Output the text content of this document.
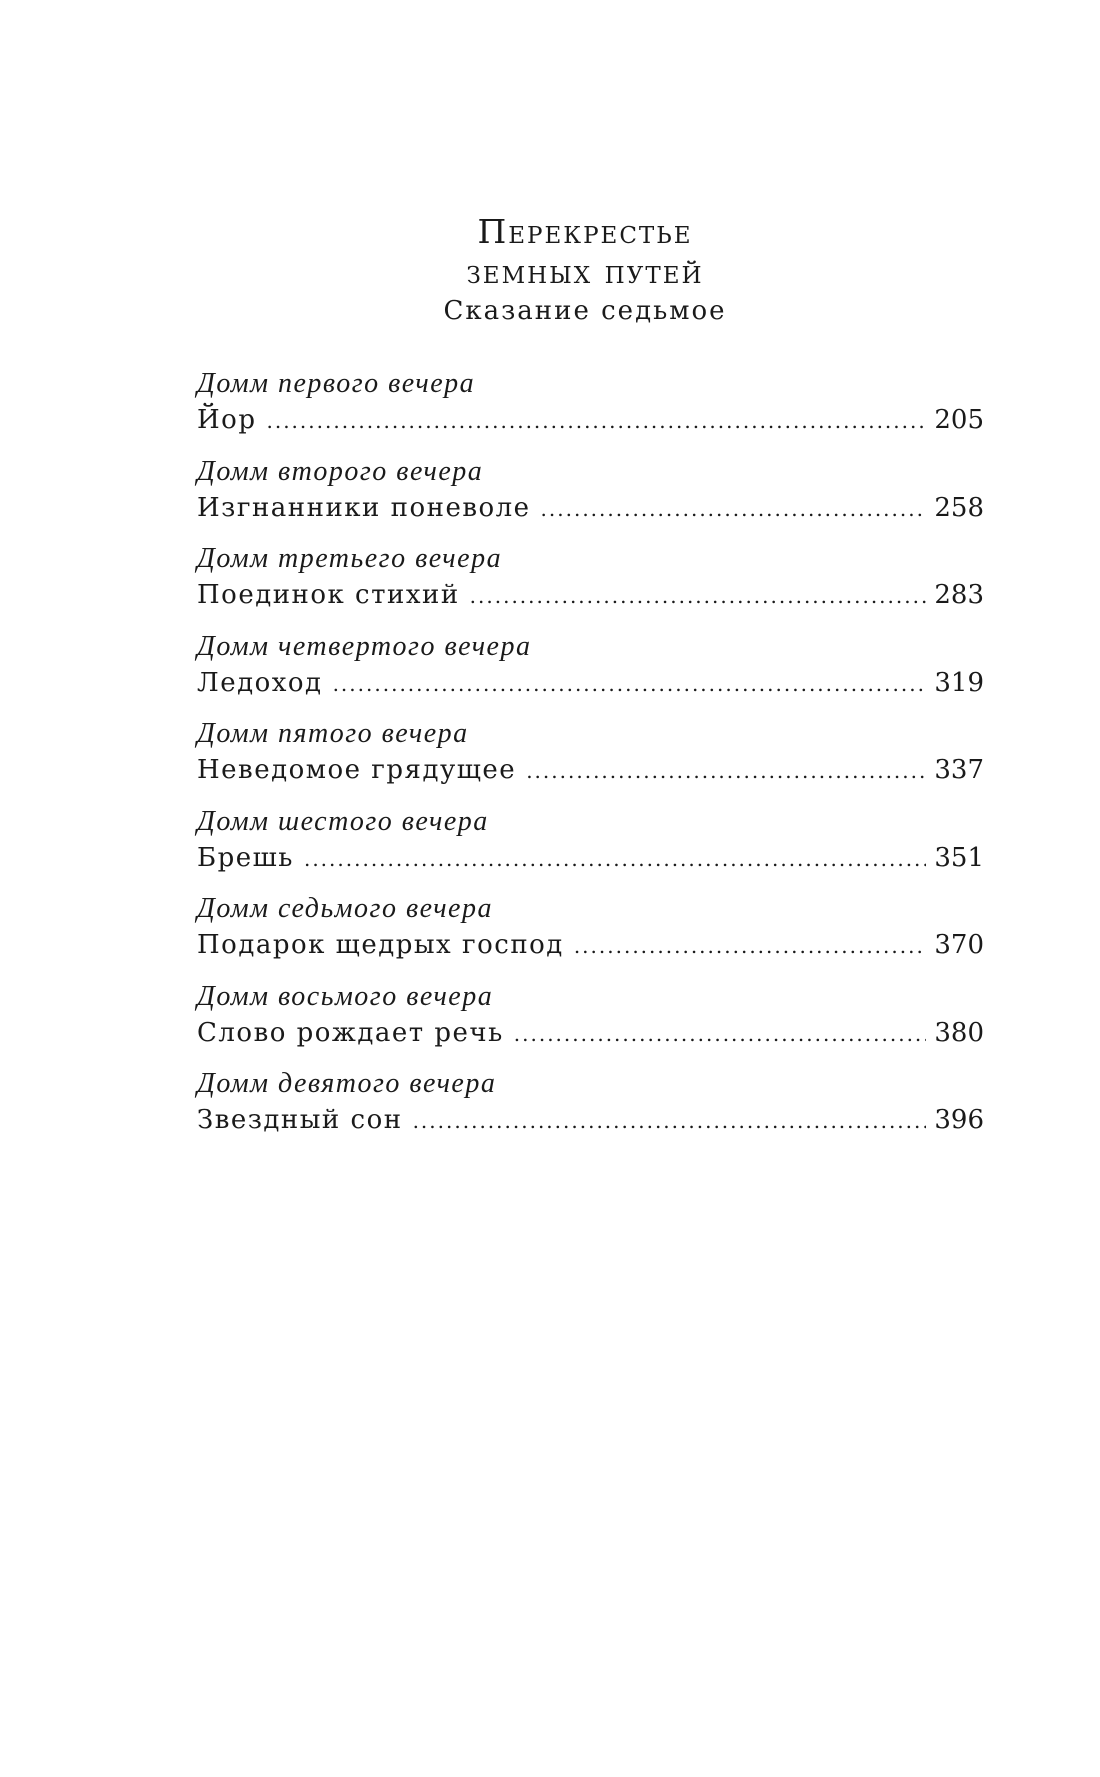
Перекрестье
земных путей
Сказание седьмое
Домм первого вечера
Йор .....	205
Домм второго вечера
Изгнанники поневоле .....	258
Домм третьего вечера
Поединок стихий .....	283
Домм четвертого вечера
Ледоход .....	319
Домм пятого вечера
Неведомое грядущее .....	337
Домм шестого вечера
Брешь .....	351
Домм седьмого вечера
Подарок щедрых господ .....	370
Домм восьмого вечера
Слово рождает речь .....	380
Домм девятого вечера
Звездный сон .....	396
